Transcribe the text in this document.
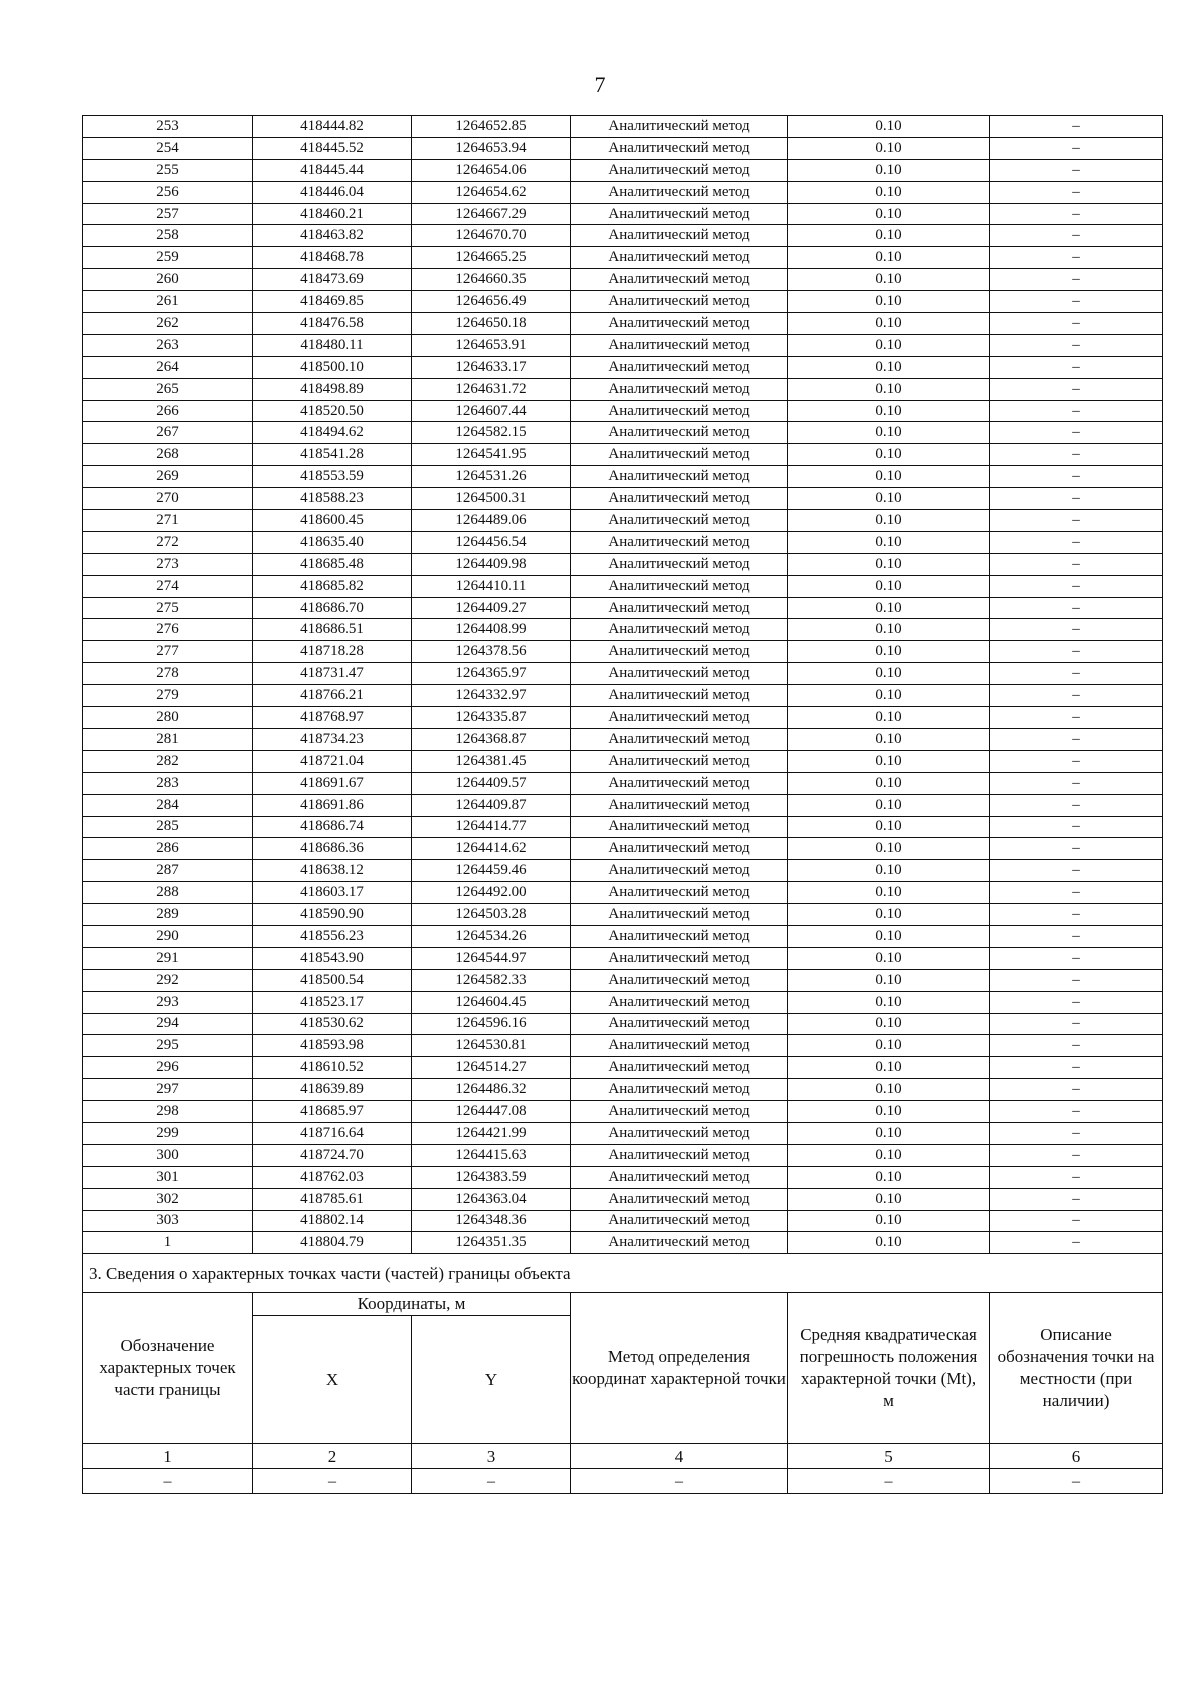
7
253	418444.82	1264652.85	Аналитический метод	0.10	–
254	418445.52	1264653.94	Аналитический метод	0.10	–
255	418445.44	1264654.06	Аналитический метод	0.10	–
256	418446.04	1264654.62	Аналитический метод	0.10	–
257	418460.21	1264667.29	Аналитический метод	0.10	–
258	418463.82	1264670.70	Аналитический метод	0.10	–
259	418468.78	1264665.25	Аналитический метод	0.10	–
260	418473.69	1264660.35	Аналитический метод	0.10	–
261	418469.85	1264656.49	Аналитический метод	0.10	–
262	418476.58	1264650.18	Аналитический метод	0.10	–
263	418480.11	1264653.91	Аналитический метод	0.10	–
264	418500.10	1264633.17	Аналитический метод	0.10	–
265	418498.89	1264631.72	Аналитический метод	0.10	–
266	418520.50	1264607.44	Аналитический метод	0.10	–
267	418494.62	1264582.15	Аналитический метод	0.10	–
268	418541.28	1264541.95	Аналитический метод	0.10	–
269	418553.59	1264531.26	Аналитический метод	0.10	–
270	418588.23	1264500.31	Аналитический метод	0.10	–
271	418600.45	1264489.06	Аналитический метод	0.10	–
272	418635.40	1264456.54	Аналитический метод	0.10	–
273	418685.48	1264409.98	Аналитический метод	0.10	–
274	418685.82	1264410.11	Аналитический метод	0.10	–
275	418686.70	1264409.27	Аналитический метод	0.10	–
276	418686.51	1264408.99	Аналитический метод	0.10	–
277	418718.28	1264378.56	Аналитический метод	0.10	–
278	418731.47	1264365.97	Аналитический метод	0.10	–
279	418766.21	1264332.97	Аналитический метод	0.10	–
280	418768.97	1264335.87	Аналитический метод	0.10	–
281	418734.23	1264368.87	Аналитический метод	0.10	–
282	418721.04	1264381.45	Аналитический метод	0.10	–
283	418691.67	1264409.57	Аналитический метод	0.10	–
284	418691.86	1264409.87	Аналитический метод	0.10	–
285	418686.74	1264414.77	Аналитический метод	0.10	–
286	418686.36	1264414.62	Аналитический метод	0.10	–
287	418638.12	1264459.46	Аналитический метод	0.10	–
288	418603.17	1264492.00	Аналитический метод	0.10	–
289	418590.90	1264503.28	Аналитический метод	0.10	–
290	418556.23	1264534.26	Аналитический метод	0.10	–
291	418543.90	1264544.97	Аналитический метод	0.10	–
292	418500.54	1264582.33	Аналитический метод	0.10	–
293	418523.17	1264604.45	Аналитический метод	0.10	–
294	418530.62	1264596.16	Аналитический метод	0.10	–
295	418593.98	1264530.81	Аналитический метод	0.10	–
296	418610.52	1264514.27	Аналитический метод	0.10	–
297	418639.89	1264486.32	Аналитический метод	0.10	–
298	418685.97	1264447.08	Аналитический метод	0.10	–
299	418716.64	1264421.99	Аналитический метод	0.10	–
300	418724.70	1264415.63	Аналитический метод	0.10	–
301	418762.03	1264383.59	Аналитический метод	0.10	–
302	418785.61	1264363.04	Аналитический метод	0.10	–
303	418802.14	1264348.36	Аналитический метод	0.10	–
1	418804.79	1264351.35	Аналитический метод	0.10	–
3. Сведения о характерных точках части (частей) границы объекта					
Обозначение характерных точек части границы	Координаты, м		Метод определения координат характерной точки	Средняя квадратическая погрешность положения характерной точки (Mt), м	Описание обозначения точки на местности (при наличии)
	X	Y			
1	2	3	4	5	6
–	–	–	–	–	–
